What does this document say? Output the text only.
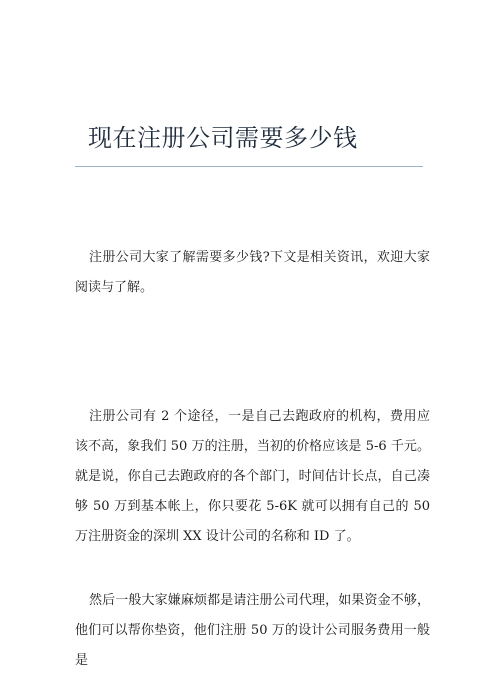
现在注册公司需要多少钱

注册公司大家了解需要多少钱?下文是相关资讯，欢迎大家阅读与了解。

注册公司有 2 个途径，一是自己去跑政府的机构，费用应该不高，象我们 50 万的注册，当初的价格应该是 5-6 千元。就是说，你自己去跑政府的各个部门，时间估计长点，自己凑够 50 万到基本帐上，你只要花 5-6K 就可以拥有自己的 50 万注册资金的深圳 XX 设计公司的名称和 ID 了。

然后一般大家嫌麻烦都是请注册公司代理，如果资金不够，他们可以帮你垫资，他们注册 50 万的设计公司服务费用一般是
